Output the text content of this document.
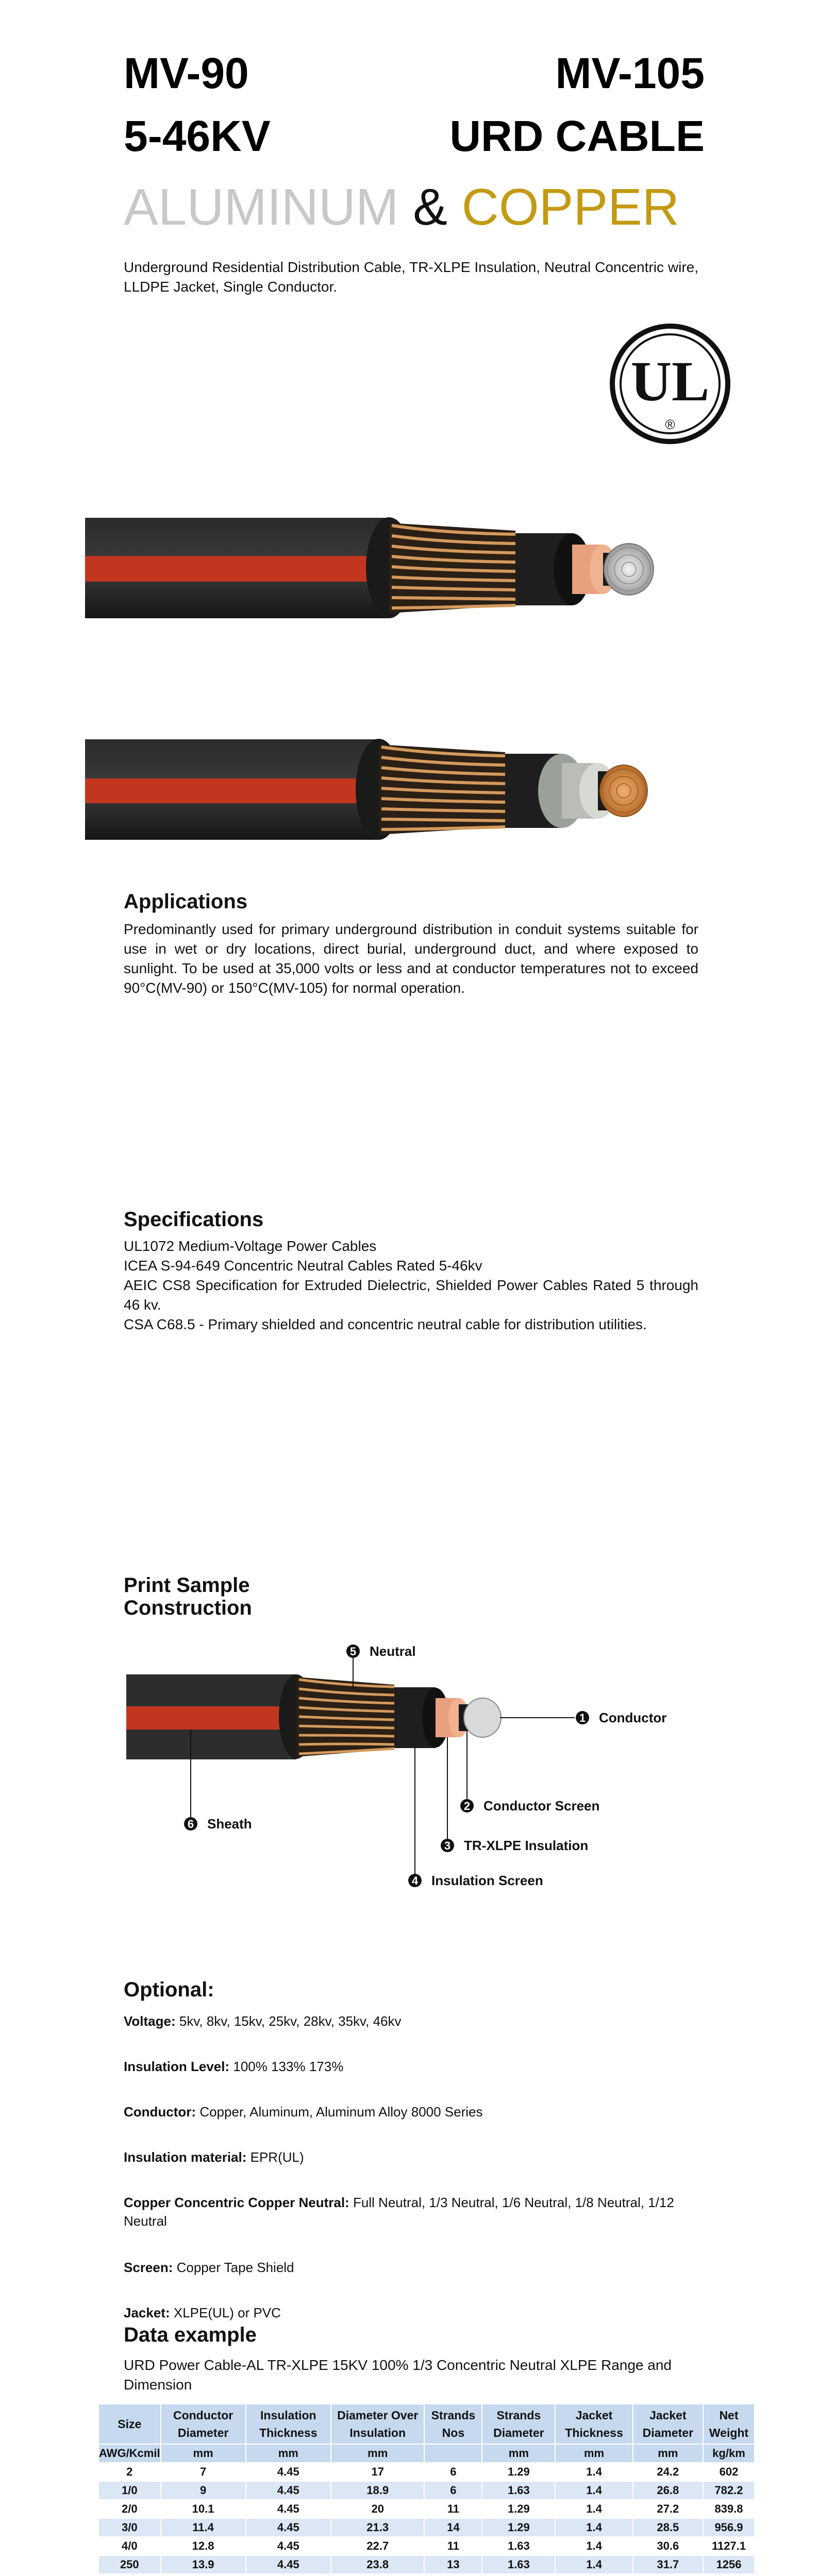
MV-90	MV-105
5-46KV	URD CABLE
ALUMINUM & COPPER
Underground Residential Distribution Cable, TR-XLPE Insulation, Neutral Concentric wire, LLDPE Jacket, Single Conductor.
UL
®
Applications
Predominantly used for primary underground distribution in conduit systems suitable for use in wet or dry locations, direct burial, underground duct, and where exposed to sunlight. To be used at 35,000 volts or less and at conductor temperatures not to exceed 90°C(MV-90) or 150°C(MV-105) for normal operation.
Specifications
UL1072 Medium-Voltage Power Cables
ICEA S-94-649 Concentric Neutral Cables Rated 5-46kv
AEIC CS8 Specification for Extruded Dielectric, Shielded Power Cables Rated 5 through 46 kv.
CSA C68.5 - Primary shielded and concentric neutral cable for distribution utilities.
Print Sample
Construction
1 Conductor
2 Conductor Screen
3 TR-XLPE Insulation
4 Insulation Screen
5 Neutral
6 Sheath
Optional:
Voltage: 5kv, 8kv, 15kv, 25kv, 28kv, 35kv, 46kv
Insulation Level: 100% 133% 173%
Conductor: Copper, Aluminum, Aluminum Alloy 8000 Series
Insulation material: EPR(UL)
Copper Concentric Copper Neutral: Full Neutral, 1/3 Neutral, 1/6 Neutral, 1/8 Neutral, 1/12 Neutral
Screen: Copper Tape Shield
Jacket: XLPE(UL) or PVC
Data example
URD Power Cable-AL TR-XLPE 15KV 100% 1/3 Concentric Neutral XLPE Range and Dimension
Size	Conductor Diameter	Insulation Thickness	Diameter Over Insulation	Strands Nos	Strands Diameter	Jacket Thickness	Jacket Diameter	Net Weight
AWG/Kcmil	mm	mm	mm		mm	mm	mm	kg/km
2	7	4.45	17	6	1.29	1.4	24.2	602
1/0	9	4.45	18.9	6	1.63	1.4	26.8	782.2
2/0	10.1	4.45	20	11	1.29	1.4	27.2	839.8
3/0	11.4	4.45	21.3	14	1.29	1.4	28.5	956.9
4/0	12.8	4.45	22.7	11	1.63	1.4	30.6	1127.1
250	13.9	4.45	23.8	13	1.63	1.4	31.7	1256
